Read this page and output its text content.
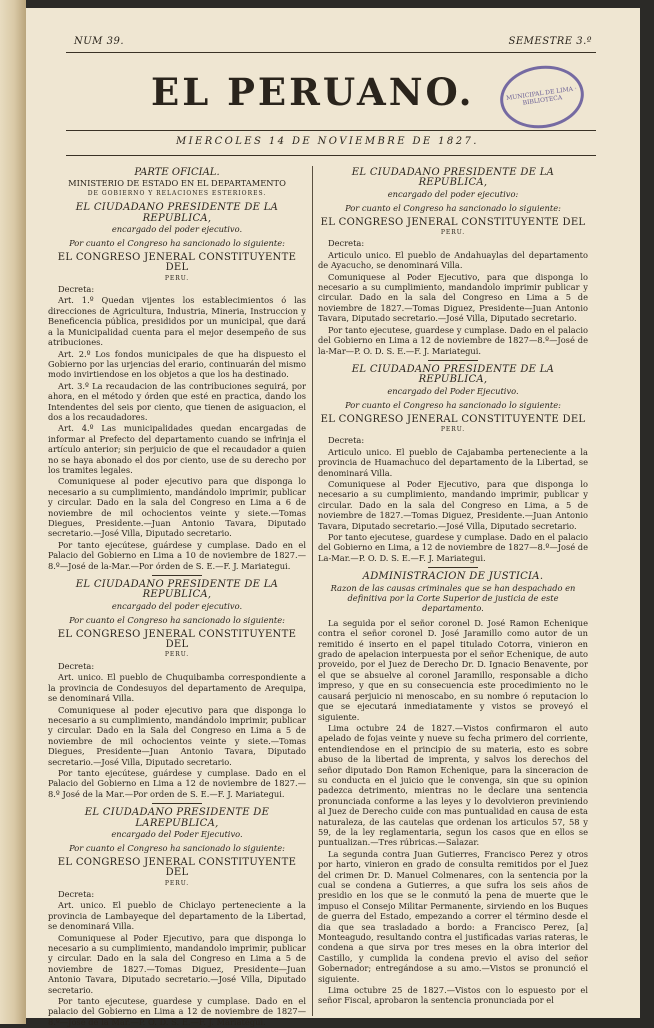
NUM 39.	SEMESTRE 3.º
EL PERUANO.	MUNICIPAL DE LIMA · BIBLIOTECA
MIERCOLES 14 DE NOVIEMBRE DE 1827.
PARTE OFICIAL.
MINISTERIO DE ESTADO EN EL DEPARTAMENTO
DE GOBIERNO Y RELACIONES ESTERIORES.
EL CIUDADANO PRESIDENTE DE LA REPUBLICA,
encargado del poder ejecutivo.
Por cuanto el Congreso ha sancionado lo siguiente:
EL CONGRESO JENERAL CONSTITUYENTE DEL
PERU.

Decreta:

Art. 1.º Quedan vijentes los establecimientos ó las direcciones de Agricultura, Industria, Mineria, Instruccion y Beneficencia pública, presididos por un municipal, que dará a la Municipalidad cuenta para el mejor desempeño de sus atribuciones.

Art. 2.º Los fondos municipales de que ha dispuesto el Gobierno por las urjencias del erario, continuarán del mismo modo invirtiendose en los objetos a que los ha destinado.

Art. 3.º La recaudacion de las contribuciones seguirá, por ahora, en el método y órden que esté en practica, dando los Intendentes del seis por ciento, que tienen de asiguacion, el dos a los recaudadores.

Art. 4.º Las municipalidades quedan encargadas de informar al Prefecto del departamento cuando se infrinja el artículo anterior; sin perjuicio de que el recaudador a quien no se haya abonado el dos por ciento, use de su derecho por los tramites legales.

Comuniquese al poder ejecutivo para que disponga lo necesario a su cumplimiento, mandándolo imprimir, publicar y circular. Dado en la sala del Congreso en Lima a 6 de noviembre de mil ochocientos veinte y siete.—Tomas Diegues, Presidente.—Juan Antonio Tavara, Diputado secretario.—José Villa, Diputado secretario.

Por tanto ejecútese, guárdese y cumplase. Dado en el Palacio del Gobierno en Lima a 10 de noviembre de 1827.—8.º—José de la-Mar.—Por órden de S. E.—F. J. Mariategui.

EL CIUDADANO PRESIDENTE DE LA REPUBLICA,
encargado del poder ejecutivo.
Por cuanto el Congreso ha sancionado lo siguiente:
EL CONGRESO JENERAL CONSTITUYENTE DEL
PERU.

Decreta:

Art. unico. El pueblo de Chuquibamba correspondiente a la provincia de Condesuyos del departamento de Arequipa, se denominará Villa.

Comuniquese al poder ejecutivo para que disponga lo necesario a su cumplimiento, mandándolo imprimir, publicar y circular. Dado en la Sala del Congreso en Lima a 5 de noviembre de mil ochocientos veinte y siete.—Tomas Diegues, Presidente—Juan Antonio Tavara, Diputado secretario.—José Villa, Diputado secretario.

Por tanto ejecútese, guárdese y cumplase. Dado en el Palacio del Gobierno en Lima a 12 de noviembre de 1827.—8.º José de la Mar.—Por orden de S. E.—F. J. Mariategui.

EL CIUDADANO PRESIDENTE DE LAREPUBLICA,
encargado del Poder Ejecutivo.
Por cuanto el Congreso ha sancionado lo siguiente:
EL CONGRESO JENERAL CONSTITUYENTE DEL
PERU.

Decreta:

Art. unico. El pueblo de Chiclayo perteneciente a la provincia de Lambayeque del departamento de la Libertad, se denominará Villa.

Comuniquese al Poder Ejecutivo, para que disponga lo necesario a su cumplimiento, mandandolo imprimir, publicar y circular. Dado en la sala del Congreso en Lima a 5 de noviembre de 1827.—Tomas Diguez, Presidente—Juan Antonio Tavara, Diputado secretario.—José Villa, Diputado secretario.

Por tanto ejecutese, guardese y cumplase. Dado en el palacio del Gobierno en Lima a 12 de noviembre de 1827—8.º—José de la Mar.—P. O. D. S. E.—F. J. Mariategui.

EL CIUDADANO PRESIDENTE DE LA REPUBLICA,
encargado del poder ejecutivo:
Por cuanto el Congreso ha sancionado lo siguiente:
EL CONGRESO JENERAL CONSTITUYENTE DEL
PERU.

Decreta:

Articulo unico. El pueblo de Andahuaylas del departamento de Ayacucho, se denominará Villa.

Comuniquese al Poder Ejecutivo, para que disponga lo necesario a su cumplimiento, mandandolo imprimir publicar y circular. Dado en la sala del Congreso en Lima a 5 de noviembre de 1827.—Tomas Diguez, Presidente—Juan Antonio Tavara, Diputado secretario.—José Villa, Diputado secretario.

Por tanto ejecutese, guardese y cumplase. Dado en el palacio del Gobierno en Lima a 12 de noviembre de 1827—8.º—José de la-Mar—P. O. D. S. E.—F. J. Mariategui.

EL CIUDADANO PRESIDENTE DE LA REPUBLICA,
encargado del Poder Ejecutivo.
Por cuanto el Congreso ha sancionado lo siguiente:
EL CONGRESO JENERAL CONSTITUYENTE DEL
PERU.

Decreta:

Articulo unico. El pueblo de Cajabamba perteneciente a la provincia de Huamachuco del departamento de la Libertad, se denominará Villa.

Comuniquese al Poder Ejecutivo, para que disponga lo necesario a su cumplimiento, mandando imprimir, publicar y circular. Dado en la sala del Congreso en Lima, a 5 de noviembre de 1827.—Tomas Diguez, Presidente.—Juan Antonio Tavara, Diputado secretario.—José Villa, Diputado secretario.

Por tanto ejecutese, guardese y cumplase. Dado en el palacio del Gobierno en Lima, a 12 de noviembre de 1827—8.º—José de La-Mar.—P. O. D. S. E.—F. J. Mariategui.

ADMINISTRACION DE JUSTICIA.
Razon de las causas criminales que se han despachado en definitiva por la Corte Superior de justicia de este departamento.

La seguida por el señor coronel D. José Ramon Echenique contra el señor coronel D. José Jaramillo como autor de un remitido é inserto en el papel titulado Cotorra, vinieron en grado de apelacion interpuesta por el señor Echenique, de auto proveido, por el Juez de Derecho Dr. D. Ignacio Benavente, por el que se absuelve al coronel Jaramillo, responsable a dicho impreso, y que en su consecuencia este procedimiento no le causará perjuicio ni menoscabo, en su nombre ó reputacion lo que se ejecutará inmediatamente y vistos se proveyó el siguiente.

Lima octubre 24 de 1827.—Vistos confirmaron el auto apelado de fojas veinte y nueve su fecha primero del corriente, entendiendose en el principio de su materia, esto es sobre abuso de la libertad de imprenta, y salvos los derechos del señor diputado Don Ramon Echenique, para la sinceracion de su conducta en el juicio que le convenga, sin que su opinion padezca detrimento, mientras no le declare una sentencia pronunciada conforme a las leyes y lo devolvieron previniendo al Juez de Derecho cuide con mas puntualidad en causa de esta naturaleza, de las cautelas que ordenan los articulos 57, 58 y 59, de la ley reglamentaria, segun los casos que en ellos se puntualizan.—Tres rúbricas.—Salazar.

La segunda contra Juan Gutierres, Francisco Perez y otros por harto, vinieron en grado de consulta remitidos por el Juez del crimen Dr. D. Manuel Colmenares, con la sentencia por la cual se condena a Gutierres, a que sufra los seis años de presidio en los que se le conmutó la pena de muerte que le impuso el Consejo Militar Permanente, sirviendo en los Buques de guerra del Estado, empezando a correr el término desde el dia que sea trasladado a bordo: a Francisco Perez, [a] Monteagudo, resultando contra el justificadas varias rateras, le condena a que sirva por tres meses en la obra interior del Castillo, y cumplida la condena previo el aviso del señor Gobernador; entregándose a su amo.—Vistos se pronunció el siguiente.

Lima octubre 25 de 1827.—Vistos con lo espuesto por el señor Fiscal, aprobaron la sentencia pronunciada por el
